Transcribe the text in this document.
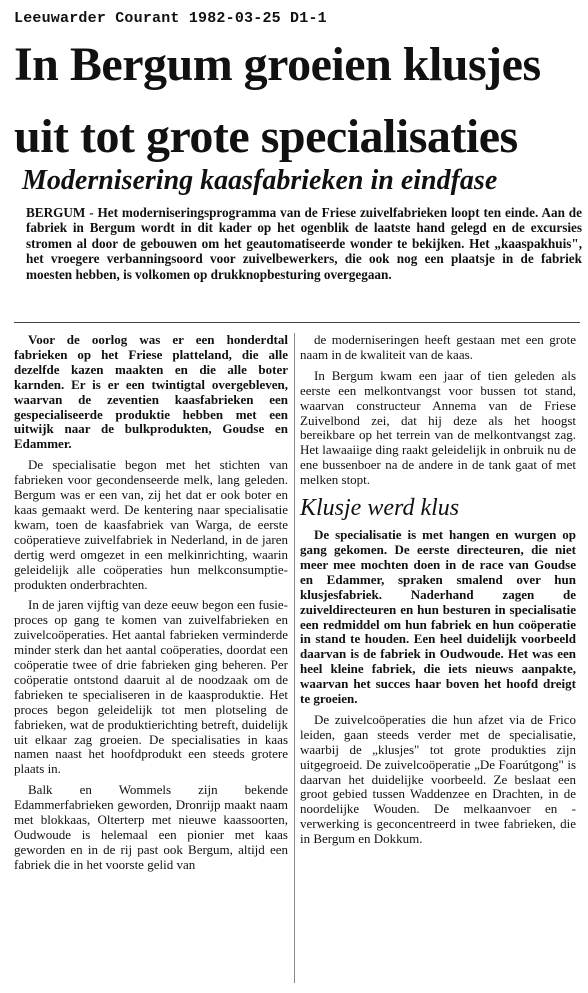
Leeuwarder Courant 1982-03-25 D1-1
In Bergum groeien klusjes
uit tot grote specialisaties
Modernisering kaasfabrieken in eindfase

BERGUM - Het moderniseringsprogramma van de Friese zuivelfabrieken loopt ten einde. Aan de fabriek in Bergum wordt in dit kader op het ogenblik de laatste hand gelegd en de excursies stromen al door de gebouwen om het geautomatiseerde wonder te bekijken. Het „kaaspakhuis", het vroegere verbanningsoord voor zuivelbewerkers, die ook nog een plaatsje in de fabriek moesten hebben, is volkomen op drukknopbesturing overgegaan.

Voor de oorlog was er een honderdtal fabrieken op het Friese platteland, die alle dezelfde kazen maakten en die alle boter karnden. Er is er een twintigtal overgebleven, waarvan de zeventien kaasfabrieken een gespecialiseerde produktie hebben met een uitwijk naar de bulkprodukten, Goudse en Edammer.

De specialisatie begon met het stichten van fabrieken voor gecondenseerde melk, lang geleden. Bergum was er een van, zij het dat er ook boter en kaas gemaakt werd. De kentering naar specialisatie kwam, toen de kaasfabriek van Warga, de eerste coöperatieve zuivelfabriek in Nederland, in de jaren dertig werd omgezet in een melkinrichting, waarin geleidelijk alle coöperaties hun melkconsumptie-produkten onderbrachten.

In de jaren vijftig van deze eeuw begon een fusie-proces op gang te komen van zuivelfabrieken en zuivelcoöperaties. Het aantal fabrieken verminderde minder sterk dan het aantal coöperaties, doordat een coöperatie twee of drie fabrieken ging beheren. Per coöperatie ontstond daaruit al de noodzaak om de fabrieken te specialiseren in de kaasproduktie. Het proces begon geleidelijk tot men plotseling de fabrieken, wat de produktierichting betreft, duidelijk uit elkaar zag groeien. De specialisaties in kaas namen naast het hoofdprodukt een steeds grotere plaats in.

Balk en Wommels zijn bekende Edammerfabrieken geworden, Dronrijp maakt naam met blokkaas, Olterterp met nieuwe kaassoorten, Oudwoude is helemaal een pionier met kaas geworden en in de rij past ook Bergum, altijd een fabriek die in het voorste gelid van

de moderniseringen heeft gestaan met een grote naam in de kwaliteit van de kaas.

In Bergum kwam een jaar of tien geleden als eerste een melkontvangst voor bussen tot stand, waarvan constructeur Annema van de Friese Zuivelbond zei, dat hij deze als het hoogst bereikbare op het terrein van de melkontvangst zag. Het lawaaiige ding raakt geleidelijk in onbruik nu de ene bussenboer na de andere in de tank gaat of met melken stopt.

Klusje werd klus

De specialisatie is met hangen en wurgen op gang gekomen. De eerste directeuren, die niet meer mee mochten doen in de race van Goudse en Edammer, spraken smalend over hun klusjesfabriek. Naderhand zagen de zuiveldirecteuren en hun besturen in specialisatie een redmiddel om hun fabriek en hun coöperatie in stand te houden. Een heel duidelijk voorbeeld daarvan is de fabriek in Oudwoude. Het was een heel kleine fabriek, die iets nieuws aanpakte, waarvan het succes haar boven het hoofd dreigt te groeien.

De zuivelcoöperaties die hun afzet via de Frico leiden, gaan steeds verder met de specialisatie, waarbij de „klusjes" tot grote produkties zijn uitgegroeid. De zuivelcoöperatie „De Foarútgong" is daarvan het duidelijke voorbeeld. Ze beslaat een groot gebied tussen Waddenzee en Drachten, in de noordelijke Wouden. De melkaanvoer en -verwerking is geconcentreerd in twee fabrieken, die in Bergum en Dokkum.
